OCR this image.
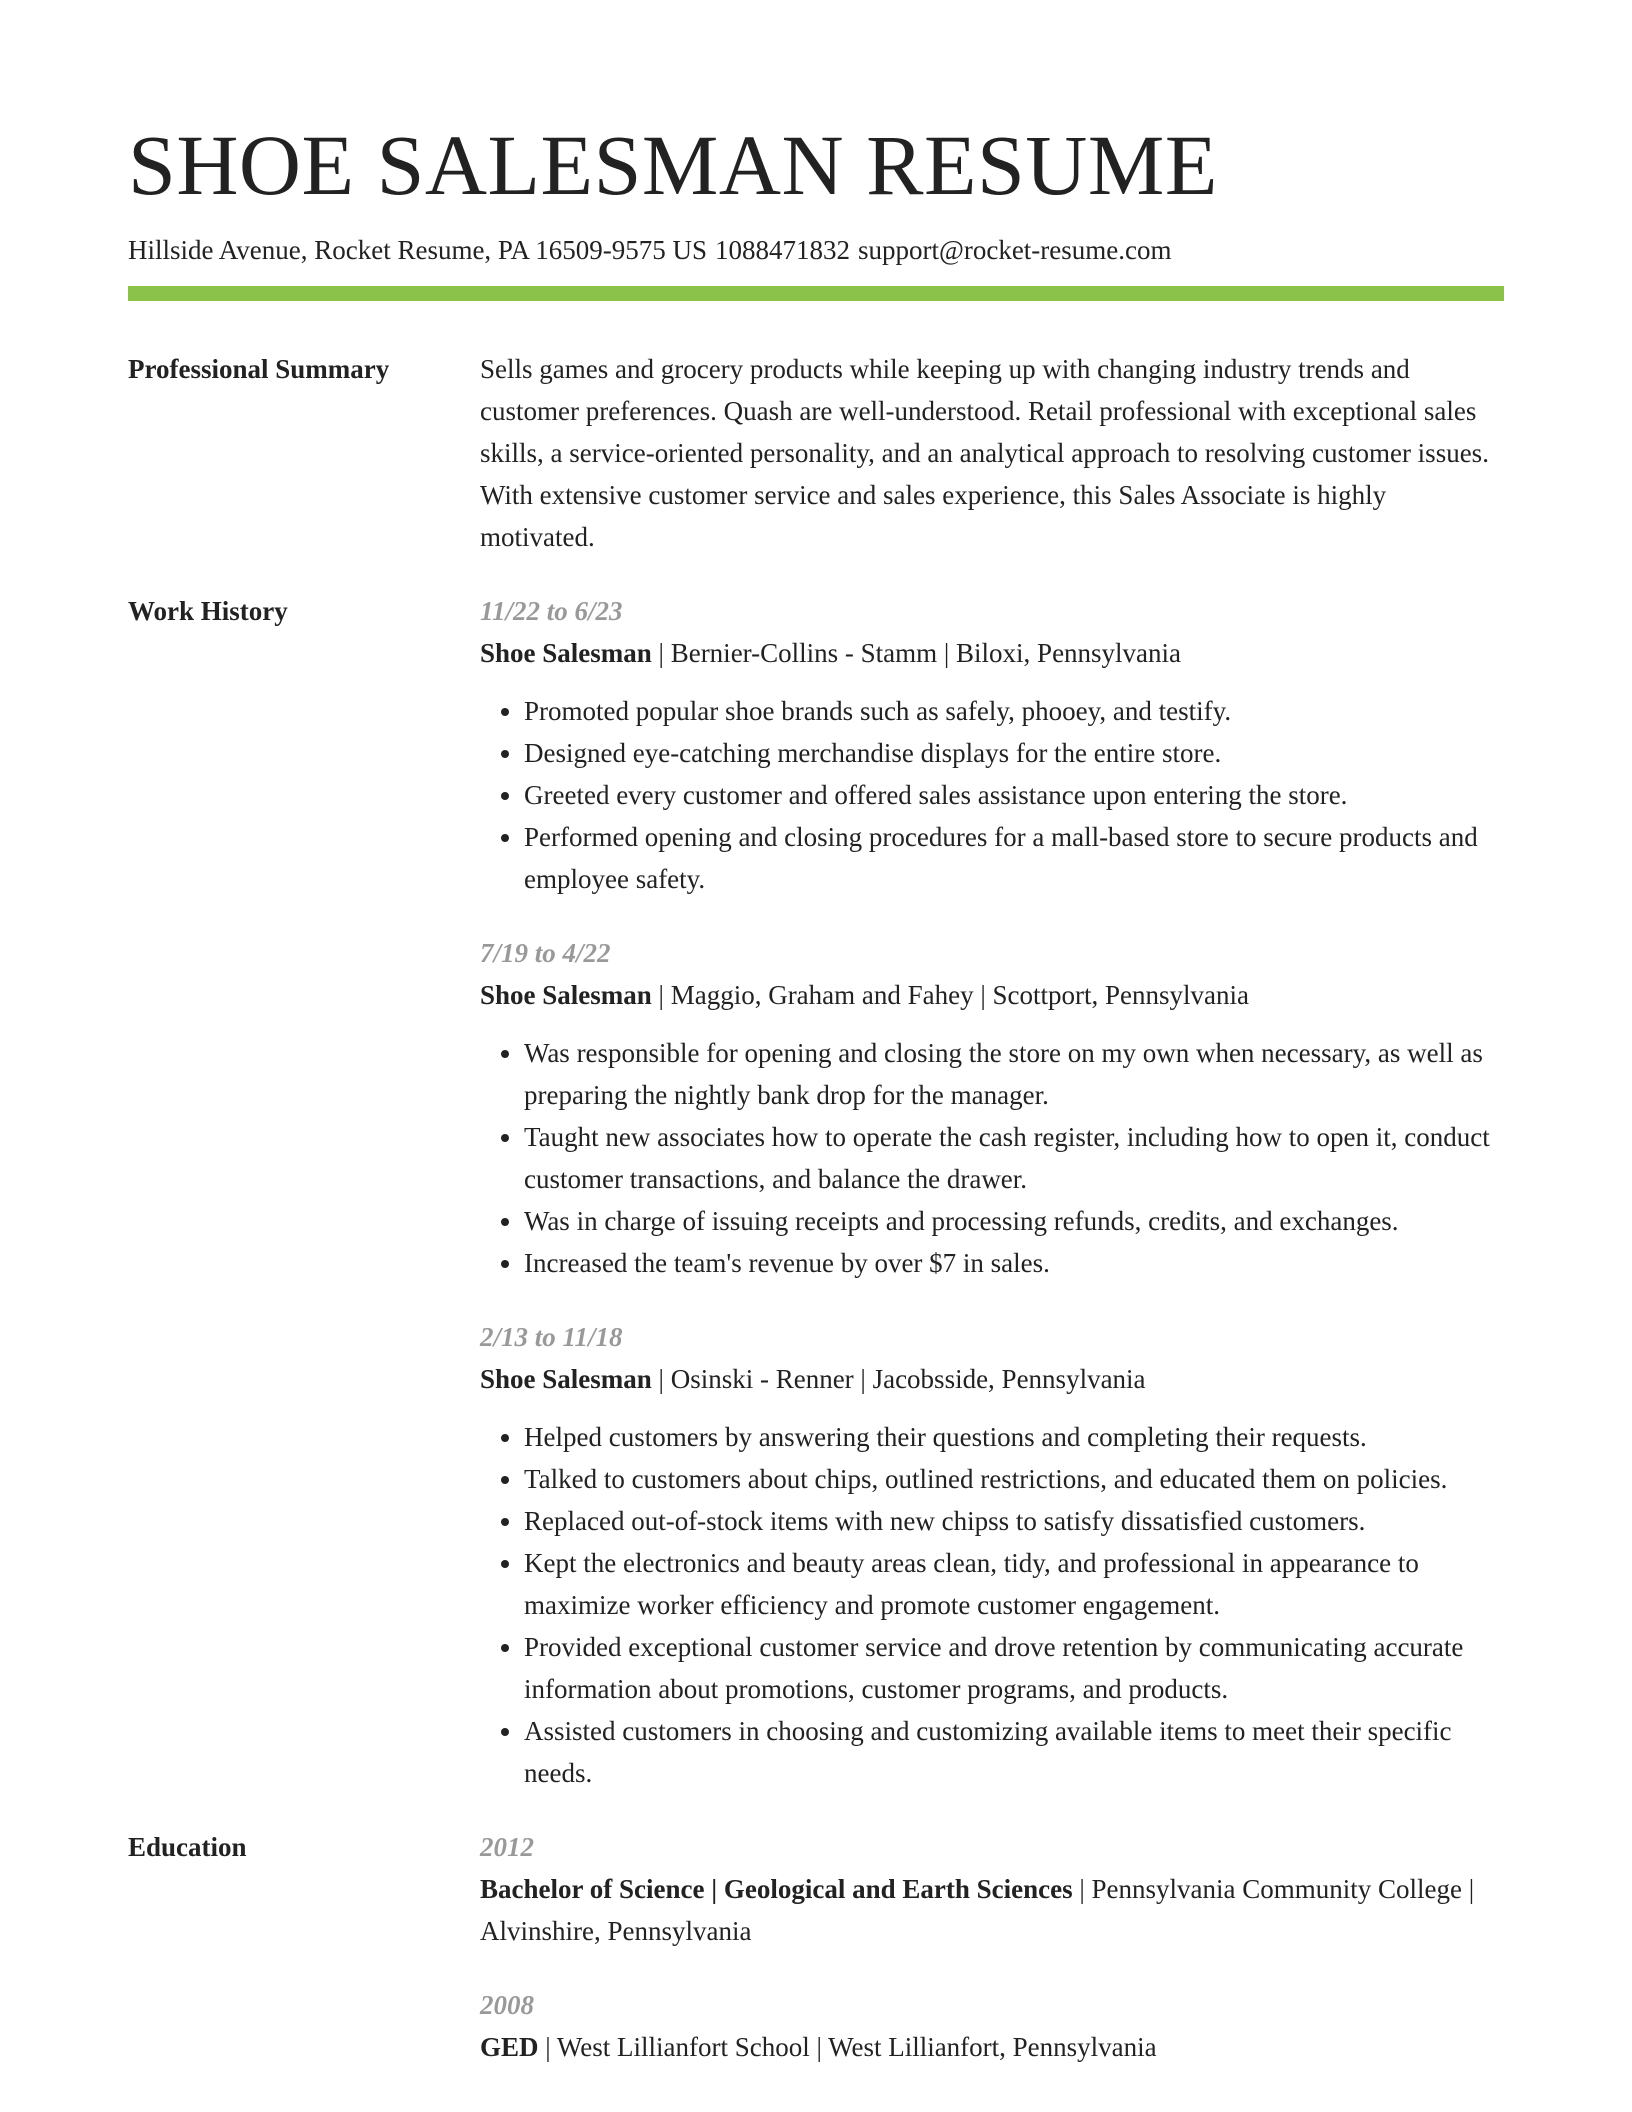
SHOE SALESMAN RESUME
Hillside Avenue, Rocket Resume, PA 16509-9575 US 1088471832 support@rocket-resume.com
Professional Summary	Sells games and grocery products while keeping up with changing industry trends and customer preferences. Quash are well-understood. Retail professional with exceptional sales skills, a service-oriented personality, and an analytical approach to resolving customer issues. With extensive customer service and sales experience, this Sales Associate is highly motivated.

Work History	11/22 to 6/23
Shoe Salesman | Bernier-Collins - Stamm | Biloxi, Pennsylvania
• Promoted popular shoe brands such as safely, phooey, and testify.
• Designed eye-catching merchandise displays for the entire store.
• Greeted every customer and offered sales assistance upon entering the store.
• Performed opening and closing procedures for a mall-based store to secure products and employee safety.
7/19 to 4/22
Shoe Salesman | Maggio, Graham and Fahey | Scottport, Pennsylvania
• Was responsible for opening and closing the store on my own when necessary, as well as preparing the nightly bank drop for the manager.
• Taught new associates how to operate the cash register, including how to open it, conduct customer transactions, and balance the drawer.
• Was in charge of issuing receipts and processing refunds, credits, and exchanges.
• Increased the team's revenue by over $7 in sales.
2/13 to 11/18
Shoe Salesman | Osinski - Renner | Jacobsside, Pennsylvania
• Helped customers by answering their questions and completing their requests.
• Talked to customers about chips, outlined restrictions, and educated them on policies.
• Replaced out-of-stock items with new chipss to satisfy dissatisfied customers.
• Kept the electronics and beauty areas clean, tidy, and professional in appearance to maximize worker efficiency and promote customer engagement.
• Provided exceptional customer service and drove retention by communicating accurate information about promotions, customer programs, and products.
• Assisted customers in choosing and customizing available items to meet their specific needs.
Education	2012
Bachelor of Science | Geological and Earth Sciences | Pennsylvania Community College | Alvinshire, Pennsylvania
2008
GED | West Lillianfort School | West Lillianfort, Pennsylvania
